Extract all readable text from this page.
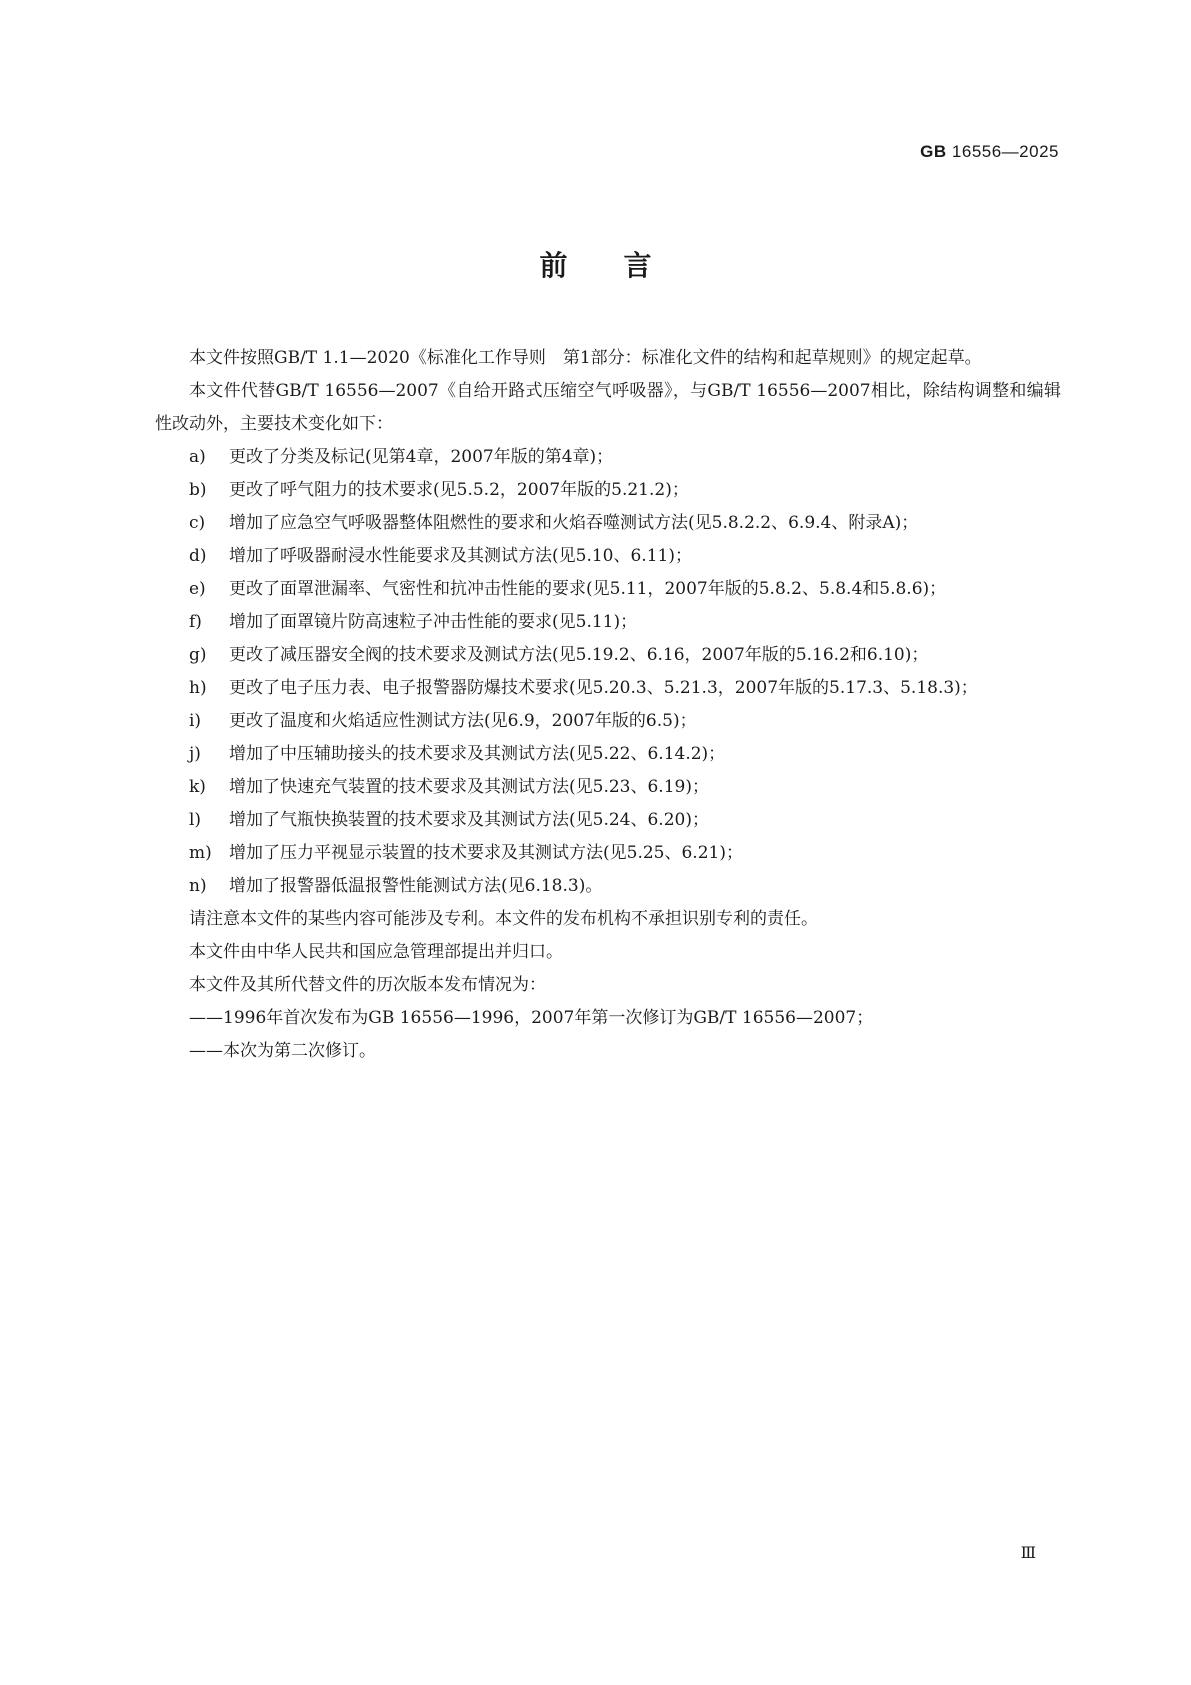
GB 16556—2025
前言

本文件按照GB/T 1.1—2020《标准化工作导则　第1部分：标准化文件的结构和起草规则》的规定起草。

本文件代替GB/T 16556—2007《自给开路式压缩空气呼吸器》，与GB/T 16556—2007相比，除结构调整和编辑性改动外，主要技术变化如下：

a)	更改了分类及标记(见第4章，2007年版的第4章)；
b)	更改了呼气阻力的技术要求(见5.5.2，2007年版的5.21.2)；
c)	增加了应急空气呼吸器整体阻燃性的要求和火焰吞噬测试方法(见5.8.2.2、6.9.4、附录A)；
d)	增加了呼吸器耐浸水性能要求及其测试方法(见5.10、6.11)；
e)	更改了面罩泄漏率、气密性和抗冲击性能的要求(见5.11，2007年版的5.8.2、5.8.4和5.8.6)；
f)	增加了面罩镜片防高速粒子冲击性能的要求(见5.11)；
g)	更改了减压器安全阀的技术要求及测试方法(见5.19.2、6.16，2007年版的5.16.2和6.10)；
h)	更改了电子压力表、电子报警器防爆技术要求(见5.20.3、5.21.3，2007年版的5.17.3、5.18.3)；
i)	更改了温度和火焰适应性测试方法(见6.9，2007年版的6.5)；
j)	增加了中压辅助接头的技术要求及其测试方法(见5.22、6.14.2)；
k)	增加了快速充气装置的技术要求及其测试方法(见5.23、6.19)；
l)	增加了气瓶快换装置的技术要求及其测试方法(见5.24、6.20)；
m)	增加了压力平视显示装置的技术要求及其测试方法(见5.25、6.21)；
n)	增加了报警器低温报警性能测试方法(见6.18.3)。

请注意本文件的某些内容可能涉及专利。本文件的发布机构不承担识别专利的责任。

本文件由中华人民共和国应急管理部提出并归口。

本文件及其所代替文件的历次版本发布情况为：

——1996年首次发布为GB 16556—1996，2007年第一次修订为GB/T 16556—2007；

——本次为第二次修订。

Ⅲ
